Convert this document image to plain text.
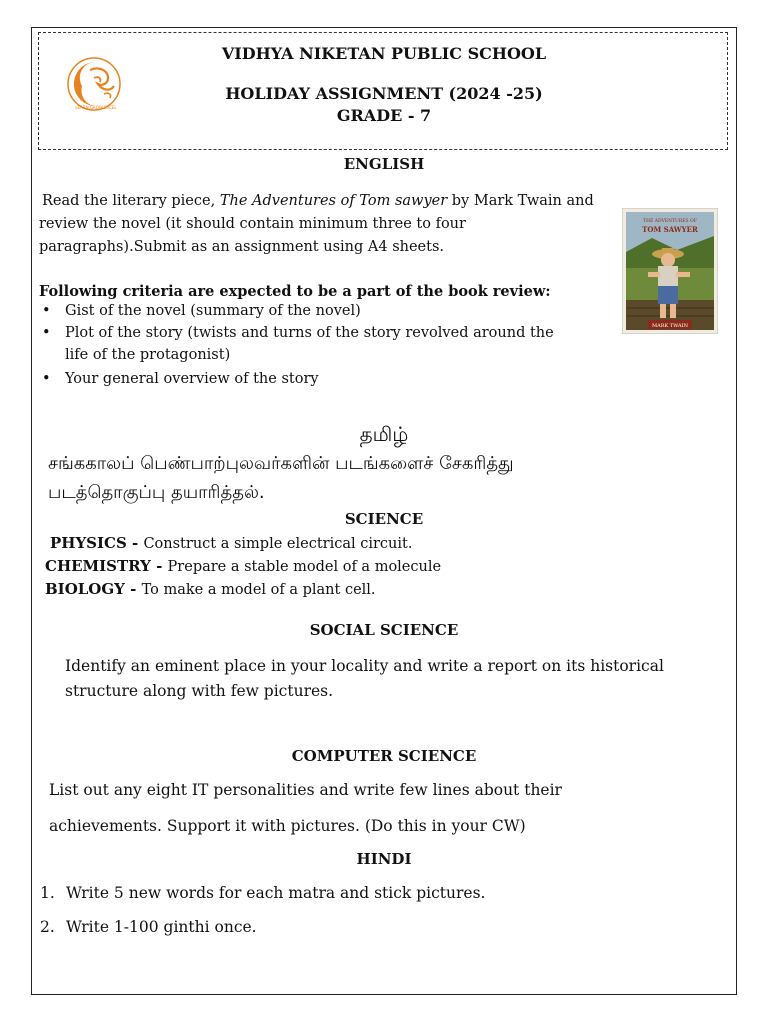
LEARN GROW EXCEL
VIDHYA NIKETAN PUBLIC SCHOOL
HOLIDAY ASSIGNMENT (2024 -25)
GRADE - 7
ENGLISH
Read the literary piece, The Adventures of Tom sawyer by Mark Twain and
review the novel (it should contain minimum three to four
paragraphs).Submit as an assignment using A4 sheets.
THE ADVENTURES OF
TOM SAWYER
MARK TWAIN
Following criteria are expected to be a part of the book review:
• Gist of the novel (summary of the novel)
• Plot of the story (twists and turns of the story revolved around the
life of the protagonist)
• Your general overview of the story
தமிழ்
சங்ககாலப் பெண்பாற்புலவர்களின் படங்களைச் சேகரித்து
படத்தொகுப்பு தயாரித்தல்.
SCIENCE
PHYSICS - Construct a simple electrical circuit.
CHEMISTRY - Prepare a stable model of a molecule
BIOLOGY - To make a model of a plant cell.
SOCIAL SCIENCE
Identify an eminent place in your locality and write a report on its historical
structure along with few pictures.
COMPUTER SCIENCE
List out any eight IT personalities and write few lines about their
achievements. Support it with pictures. (Do this in your CW)
HINDI
1. Write 5 new words for each matra and stick pictures.
2. Write 1-100 ginthi once.
